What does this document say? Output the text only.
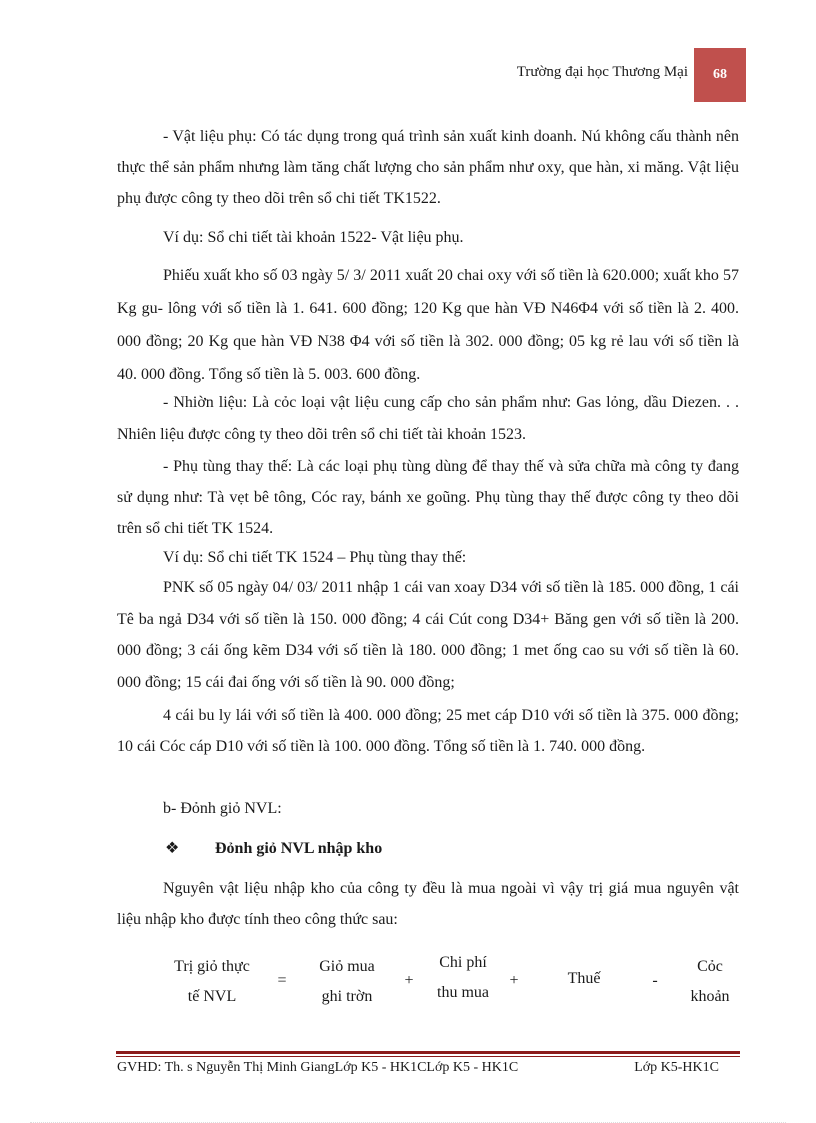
Trường đại học Thương Mại	68
- Vật liệu phụ: Có tác dụng trong quá trình sản xuất kinh doanh. Nú không cấu thành nên thực thể sản phẩm nhưng làm tăng chất lượng cho sản phẩm như oxy, que hàn, xi măng. Vật liệu phụ được công ty theo dõi trên sổ chi tiết TK1522.
Ví dụ: Sổ chi tiết tài khoản 1522- Vật liệu phụ.
Phiếu xuất kho số 03 ngày 5/ 3/ 2011 xuất 20 chai oxy với số tiền là 620.000; xuất kho 57 Kg gu- lông với số tiền là 1. 641. 600 đồng; 120 Kg que hàn VĐ N46Φ4 với số tiền là 2. 400. 000 đồng; 20 Kg que hàn VĐ N38 Φ4 với số tiền là 302. 000 đồng; 05 kg rẻ lau với số tiền là 40. 000 đồng. Tổng số tiền là 5. 003. 600 đồng.
- Nhiờn liệu: Là cỏc loại vật liệu cung cấp cho sản phẩm như: Gas lỏng, dầu Diezen. . . Nhiên liệu được công ty theo dõi trên sổ chi tiết tài khoản 1523.
- Phụ tùng thay thế: Là các loại phụ tùng dùng để thay thế và sửa chữa mà công ty đang sử dụng như: Tà vẹt bê tông, Cóc ray, bánh xe goũng. Phụ tùng thay thế được công ty theo dõi trên sổ chi tiết TK 1524.
Ví dụ: Sổ chi tiết TK 1524 – Phụ tùng thay thế:
PNK số 05 ngày 04/ 03/ 2011 nhập 1 cái van xoay D34 với số tiền là 185. 000 đồng, 1 cái Tê ba ngả D34 với số tiền là 150. 000 đồng; 4 cái Cút cong D34+ Băng gen với số tiền là 200. 000 đồng; 3 cái ống kẽm D34 với số tiền là 180. 000 đồng; 1 met ống cao su với số tiền là 60. 000 đồng; 15 cái đai ống với số tiền là 90. 000 đồng;
4 cái bu ly lái với số tiền là 400. 000 đồng; 25 met cáp D10 với số tiền là 375. 000 đồng; 10 cái Cóc cáp D10 với số tiền là 100. 000 đồng. Tổng số tiền là 1. 740. 000 đồng.
b- Đỏnh giỏ NVL:
❖ Đỏnh giỏ NVL nhập kho
Nguyên vật liệu nhập kho của công ty đều là mua ngoài vì vậy trị giá mua nguyên vật liệu nhập kho được tính theo công thức sau:
Trị giỏ thực
tế NVL
=
Giỏ mua
ghi trờn
+
Chi phí
thu mua
+	Thuế	-
Cỏc
khoản
GVHD: Th. s Nguyễn Thị Minh GiangLớp K5 - HK1CLớp K5 - HK1C	Lớp K5-HK1C
